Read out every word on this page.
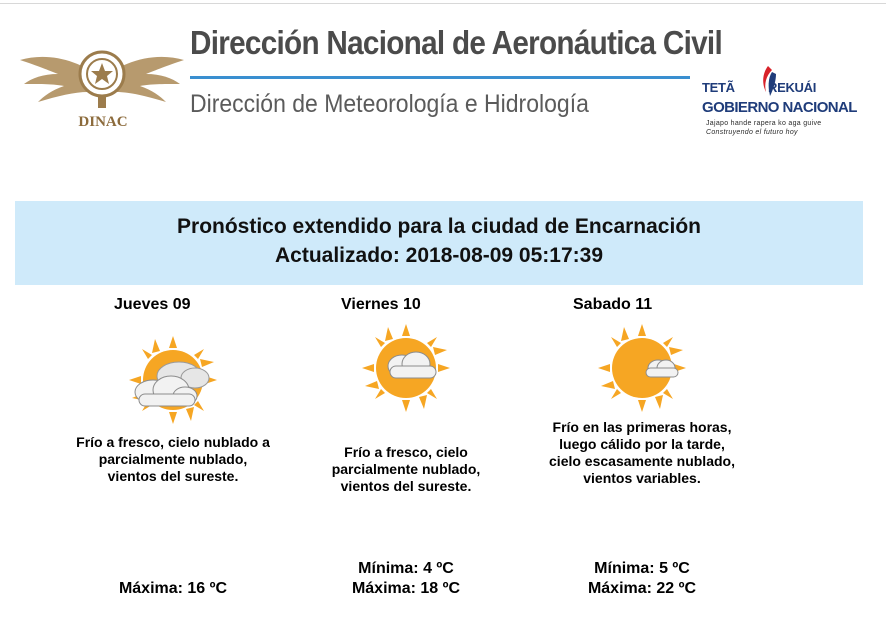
DINAC
Dirección Nacional de Aeronáutica Civil
Dirección de Meteorología e Hidrología
TETÃ	REKUÁI
GOBIERNO NACIONAL
Jajapo hande rapera ko aga guive
Construyendo el futuro hoy
Pronóstico extendido para la ciudad de Encarnación
Actualizado: 2018-08-09 05:17:39
Jueves 09
Frío a fresco, cielo nublado a parcialmente nublado, vientos del sureste.
Máxima: 16 ºC
Viernes 10
Frío a fresco, cielo parcialmente nublado, vientos del sureste.
Mínima: 4 ºC
Máxima: 18 ºC
Sabado 11
Frío en las primeras horas, luego cálido por la tarde, cielo escasamente nublado, vientos variables.
Mínima: 5 ºC
Máxima: 22 ºC
